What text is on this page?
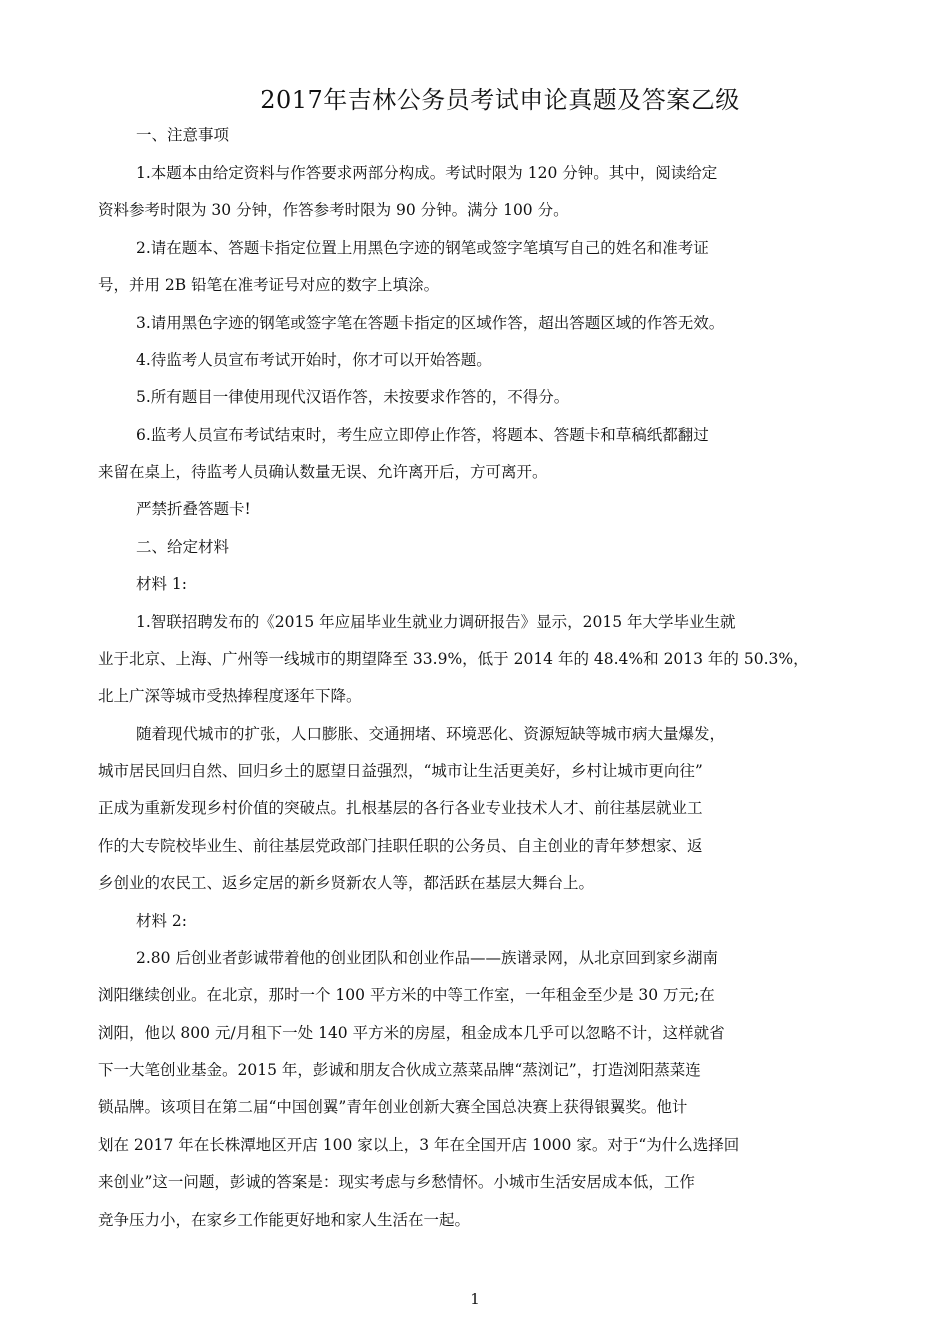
2017年吉林公务员考试申论真题及答案乙级
一、注意事项
1.本题本由给定资料与作答要求两部分构成。考试时限为 120 分钟。其中，阅读给定
资料参考时限为 30 分钟，作答参考时限为 90 分钟。满分 100 分。
2.请在题本、答题卡指定位置上用黑色字迹的钢笔或签字笔填写自己的姓名和准考证
号，并用 2B 铅笔在准考证号对应的数字上填涂。
3.请用黑色字迹的钢笔或签字笔在答题卡指定的区域作答，超出答题区域的作答无效。
4.待监考人员宣布考试开始时，你才可以开始答题。
5.所有题目一律使用现代汉语作答，未按要求作答的，不得分。
6.监考人员宣布考试结束时，考生应立即停止作答，将题本、答题卡和草稿纸都翻过
来留在桌上，待监考人员确认数量无误、允许离开后，方可离开。
严禁折叠答题卡!
二、给定材料
材料 1:
1.智联招聘发布的《2015 年应届毕业生就业力调研报告》显示，2015 年大学毕业生就
业于北京、上海、广州等一线城市的期望降至 33.9%，低于 2014 年的 48.4%和 2013 年的 50.3%，
北上广深等城市受热捧程度逐年下降。
随着现代城市的扩张，人口膨胀、交通拥堵、环境恶化、资源短缺等城市病大量爆发，
城市居民回归自然、回归乡土的愿望日益强烈，“城市让生活更美好，乡村让城市更向往”
正成为重新发现乡村价值的突破点。扎根基层的各行各业专业技术人才、前往基层就业工
作的大专院校毕业生、前往基层党政部门挂职任职的公务员、自主创业的青年梦想家、返
乡创业的农民工、返乡定居的新乡贤新农人等，都活跃在基层大舞台上。
材料 2:
2.80 后创业者彭诚带着他的创业团队和创业作品——族谱录网，从北京回到家乡湖南
浏阳继续创业。在北京，那时一个 100 平方米的中等工作室，一年租金至少是 30 万元;在
浏阳，他以 800 元/月租下一处 140 平方米的房屋，租金成本几乎可以忽略不计，这样就省
下一大笔创业基金。2015 年，彭诚和朋友合伙成立蒸菜品牌“蒸浏记”，打造浏阳蒸菜连
锁品牌。该项目在第二届“中国创翼”青年创业创新大赛全国总决赛上获得银翼奖。他计
划在 2017 年在长株潭地区开店 100 家以上，3 年在全国开店 1000 家。对于“为什么选择回
来创业”这一问题，彭诚的答案是：现实考虑与乡愁情怀。小城市生活安居成本低，工作
竞争压力小，在家乡工作能更好地和家人生活在一起。
1
